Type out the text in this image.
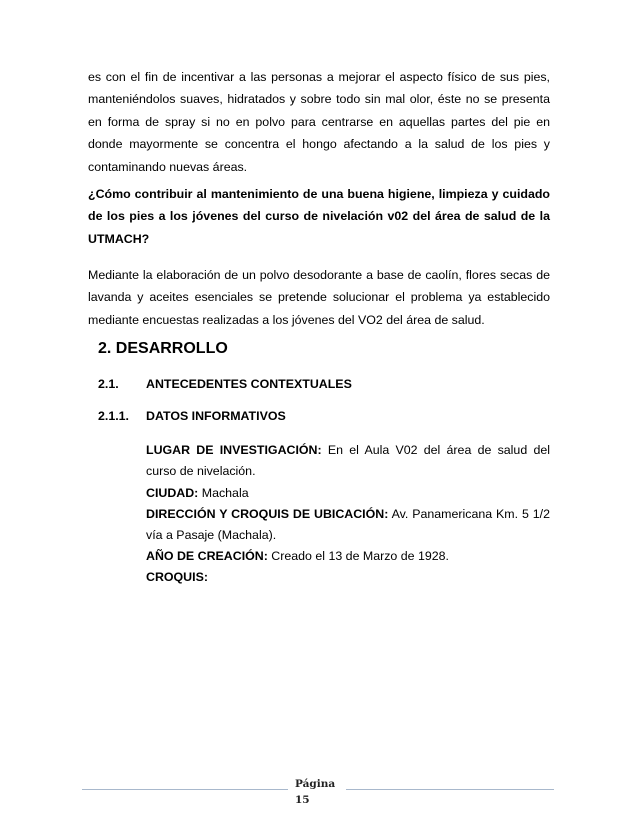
es con el fin de incentivar a las personas a mejorar el aspecto físico de sus pies, manteniéndolos suaves, hidratados y sobre todo sin mal olor, éste no se presenta en forma de spray si no en polvo para centrarse en aquellas partes del pie en donde mayormente se concentra el hongo afectando a la salud de los pies y contaminando nuevas áreas.

¿Cómo contribuir al mantenimiento de una buena higiene, limpieza y cuidado de los pies a los jóvenes del curso de nivelación v02 del área de salud de la UTMACH?

Mediante la elaboración de un polvo desodorante a base de caolín, flores secas de lavanda y aceites esenciales se pretende solucionar el problema ya establecido mediante encuestas realizadas a los jóvenes del VO2 del área de salud.

2. DESARROLLO
2.1. ANTECEDENTES CONTEXTUALES
2.1.1. DATOS INFORMATIVOS

LUGAR DE INVESTIGACIÓN: En el Aula V02 del área de salud del curso de nivelación.

CIUDAD: Machala

DIRECCIÓN Y CROQUIS DE UBICACIÓN: Av. Panamericana Km. 5 1/2 vía a Pasaje (Machala).

AÑO DE CREACIÓN: Creado el 13 de Marzo de 1928.

CROQUIS:

Página
15
